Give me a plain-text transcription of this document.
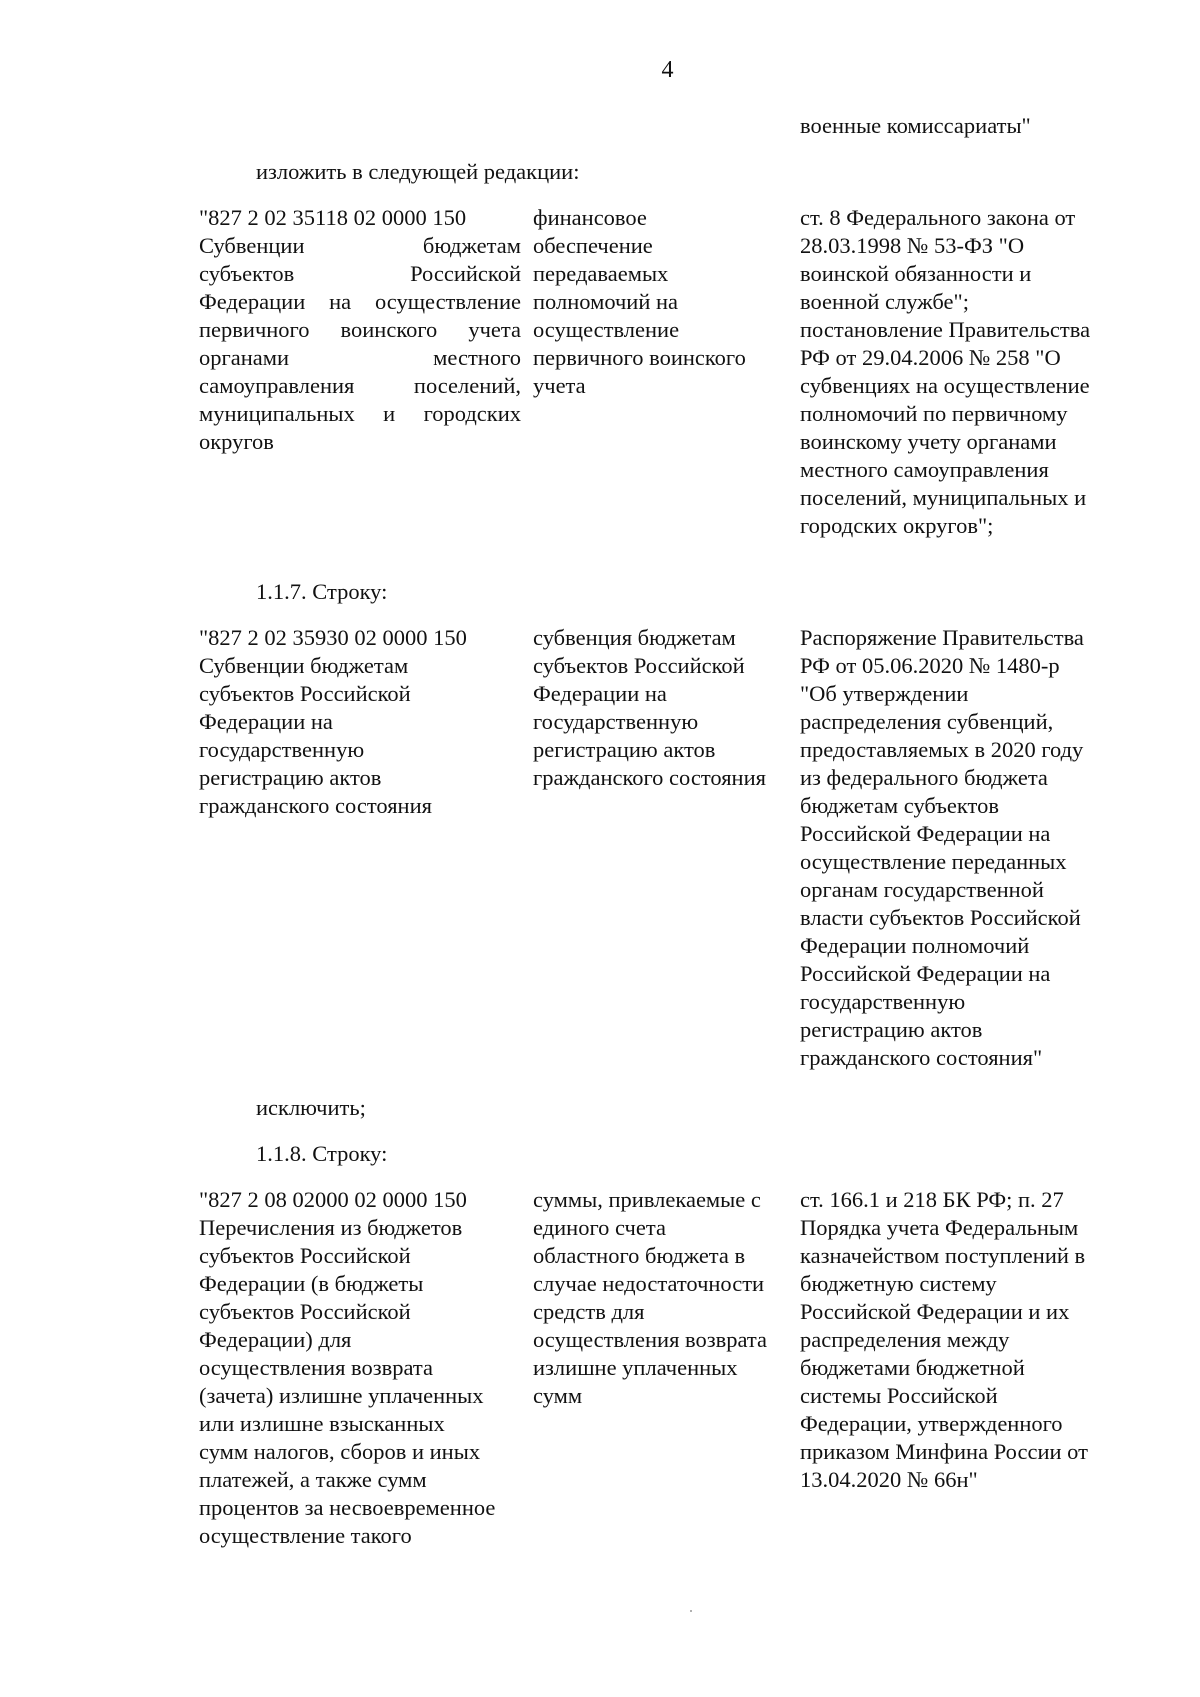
4
военные комиссариаты"
изложить в следующей редакции:
"827 2 02 35118 02 0000 150
Субвенции бюджетам
субъектов Российской
Федерации на осуществление
первичного воинского учета
органами местного
самоуправления поселений,
муниципальных и городских
округов
финансовое
обеспечение
передаваемых
полномочий на
осуществление
первичного воинского
учета
ст. 8 Федерального закона от
28.03.1998 № 53-ФЗ "О
воинской обязанности и
военной службе";
постановление Правительства
РФ от 29.04.2006 № 258 "О
субвенциях на осуществление
полномочий по первичному
воинскому учету органами
местного самоуправления
поселений, муниципальных и
городских округов";
1.1.7. Строку:
"827 2 02 35930 02 0000 150
Субвенции бюджетам
субъектов Российской
Федерации на
государственную
регистрацию актов
гражданского состояния
субвенция бюджетам
субъектов Российской
Федерации на
государственную
регистрацию актов
гражданского состояния
Распоряжение Правительства
РФ от 05.06.2020 № 1480-р
"Об утверждении
распределения субвенций,
предоставляемых в 2020 году
из федерального бюджета
бюджетам субъектов
Российской Федерации на
осуществление переданных
органам государственной
власти субъектов Российской
Федерации полномочий
Российской Федерации на
государственную
регистрацию актов
гражданского состояния"
исключить;
1.1.8. Строку:
"827 2 08 02000 02 0000 150
Перечисления из бюджетов
субъектов Российской
Федерации (в бюджеты
субъектов Российской
Федерации) для
осуществления возврата
(зачета) излишне уплаченных
или излишне взысканных
сумм налогов, сборов и иных
платежей, а также сумм
процентов за несвоевременное
осуществление такого
суммы, привлекаемые с
единого счета
областного бюджета в
случае недостаточности
средств для
осуществления возврата
излишне уплаченных
сумм
ст. 166.1 и 218 БК РФ; п. 27
Порядка учета Федеральным
казначейством поступлений в
бюджетную систему
Российской Федерации и их
распределения между
бюджетами бюджетной
системы Российской
Федерации, утвержденного
приказом Минфина России от
13.04.2020 № 66н"
